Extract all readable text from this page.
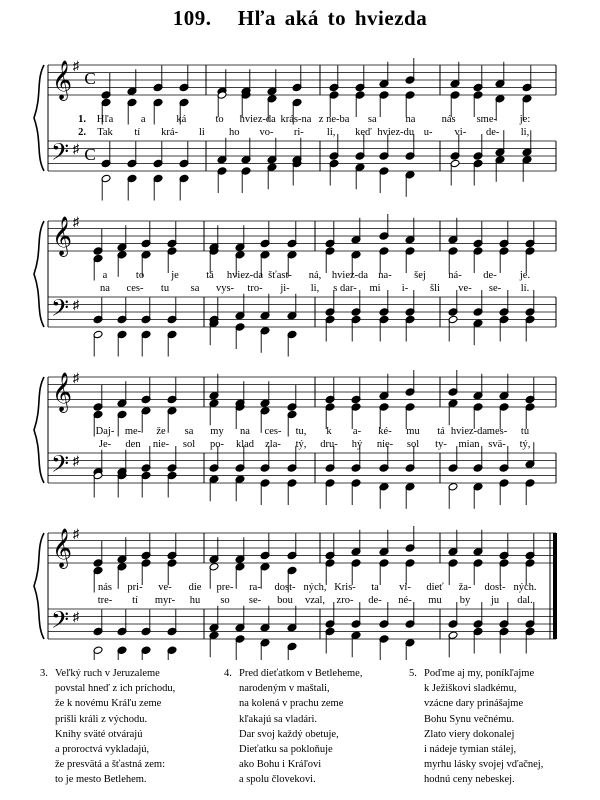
109. Hľa aká to hviezda
𝄞
𝄢
♯
♯
C
C
1.
2.
Hľa	a	ká	to hviez-da krás-na z ne-ba sa	na nás sme- je:
Tak tí krá- li ho vo- ri- li, keď hviez-du u- vi- de- li,
𝄞
𝄢
♯
♯
a	to	je	tá hviez-da šťast- ná, hviez-da na- šej ná- de- je.
na ces- tu sa vys- tro- ji- li, s dar- mi i- šli ve- se- lí.
𝄞
𝄢
♯
♯
Daj- me- že sa my na ces- tu, k a- ké- mu tá hviez-da mes- tu
Je- den nie- sol po- klad zla- tý, dru- hý nie- sol ty- mian svä- tý,
𝄞
𝄢
♯
♯
nás pri- ve- die pre- ra- dost- ných, Kris- ta vi- dieť ža- dost- ných.
tre- tí myr- hu so se- bou vzal, zro- de- né- mu by ju dal.
3. Veľký ruch v Jeruzaleme
povstal hneď z ich príchodu,
že k novému Kráľu zeme
prišli králi z východu.
Knihy sväté otvárajú
a proroctvá vykladajú,
že presvätá a šťastná zem:
to je mesto Betlehem.
4. Pred dieťatkom v Betleheme,
narodeným v maštali,
na kolená v prachu zeme
kľakajú sa vladári.
Dar svoj každý obetuje,
Dieťatku sa pokloňuje
ako Bohu i Kráľovi
a spolu človekovi.
5. Poďme aj my, poníkľajme
k Ježiškovi sladkému,
vzácne dary prinášajme
Bohu Synu večnému.
Zlato viery dokonalej
i nádeje tymian stálej,
myrhu lásky svojej vďačnej,
hodnú ceny nebeskej.
